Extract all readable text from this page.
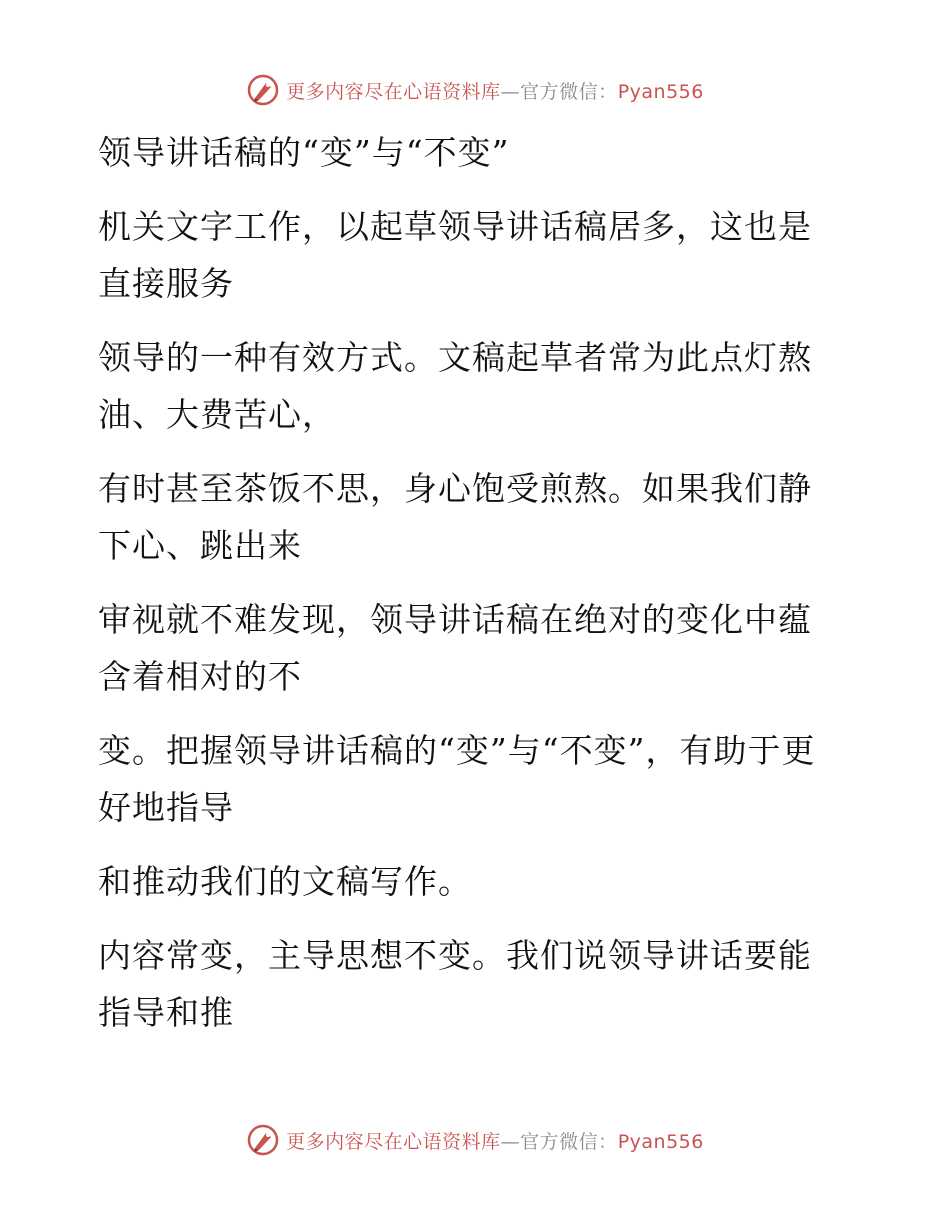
更多内容尽在心语资料库—官方微信：Pyan556

领导讲话稿的“变”与“不变”

机关文字工作，以起草领导讲话稿居多，这也是直接服务

领导的一种有效方式。文稿起草者常为此点灯熬油、大费苦心，

有时甚至茶饭不思，身心饱受煎熬。如果我们静下心、跳出来

审视就不难发现，领导讲话稿在绝对的变化中蕴含着相对的不

变。把握领导讲话稿的“变”与“不变”，有助于更好地指导

和推动我们的文稿写作。

内容常变，主导思想不变。我们说领导讲话要能指导和推

更多内容尽在心语资料库—官方微信：Pyan556
